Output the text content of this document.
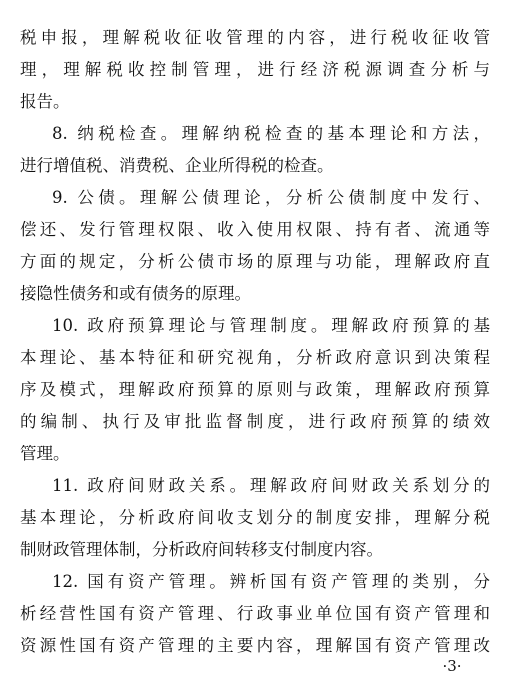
税申报，理解税收征收管理的内容，进行税收征收管
理，理解税收控制管理，进行经济税源调查分析与
报告。
8. 纳税检查。理解纳税检查的基本理论和方法，
进行增值税、消费税、企业所得税的检查。
9. 公债。理解公债理论，分析公债制度中发行、
偿还、发行管理权限、收入使用权限、持有者、流通等
方面的规定，分析公债市场的原理与功能，理解政府直
接隐性债务和或有债务的原理。
10. 政府预算理论与管理制度。理解政府预算的基
本理论、基本特征和研究视角，分析政府意识到决策程
序及模式，理解政府预算的原则与政策，理解政府预算
的编制、执行及审批监督制度，进行政府预算的绩效
管理。
11. 政府间财政关系。理解政府间财政关系划分的
基本理论，分析政府间收支划分的制度安排，理解分税
制财政管理体制，分析政府间转移支付制度内容。
12. 国有资产管理。辨析国有资产管理的类别，分
析经营性国有资产管理、行政事业单位国有资产管理和
资源性国有资产管理的主要内容，理解国有资产管理改
·3·
